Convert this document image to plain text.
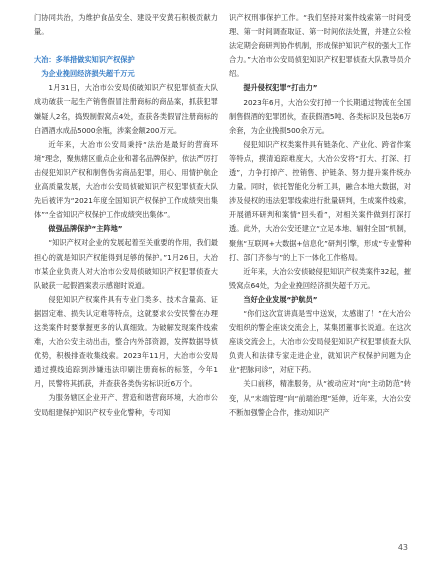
门协同共治，为维护食品安全、建设平安黄石积极贡献力量。

大冶：多举措做实知识产权保护

为企业挽回经济损失超千万元

1月31日，大冶市公安局侦破知识产权犯罪侦查大队成功破获一起生产销售假冒注册商标的商品案，抓获犯罪嫌疑人2名，捣毁制假窝点4处，查获各类假冒注册商标的白酒酒水成品5000余瓶，涉案金额200万元。

近年来，大冶市公安局秉持“法治是最好的营商环境”理念，聚焦辖区重点企业和著名品牌保护，依法严厉打击侵犯知识产权和制售伪劣商品犯罪，用心、用情护航企业高质量发展，大冶市公安局侦破知识产权犯罪侦查大队先后被评为“2021年度全国知识产权保护工作成绩突出集体”“全省知识产权保护工作成绩突出集体”。

做强品牌保护“主阵地”

“知识产权对企业的发展起着至关重要的作用，我们最担心的就是知识产权能得到足够的保护。”1月26日，大冶市某企业负责人对大冶市公安局侦破知识产权犯罪侦查大队破获一起假酒案表示感谢时说道。

侵犯知识产权案件具有专业门类多、技术含量高、证据固定难、损失认定难等特点，这就要求公安民警在办理这类案件时要掌握更多的认真细致。为破解发现案件线索难，大冶公安主动出击，整合内外部资源，发挥数据导侦优势，积极排查收集线索。2023年11月，大冶市公安局通过摸线追踪到涉嫌违法印刷注册商标的标签，今年1月，民警将其抓获，并查获各类伪劣标识近6万个。

为服务辖区企业开产、营造和谐营商环境，大冶市公安局组建保护知识产权专业化警种，专司知

识产权刑事保护工作。“我们坚持对案件线索第一时间受理、第一时间调查取证、第一时间依法处置，并建立公检法定期会商研判协作机制，形成保护知识产权的强大工作合力。”大冶市公安局侦犯知识产权犯罪侦查大队教导员介绍。

提升侵权犯罪“打击力”

2023年6月，大冶公安打掉一个长期通过物流在全国制售假酒的犯罪团伙，查获假酒5吨、各类标识及包装6万余套，为企业挽损500余万元。

侵犯知识产权类案件具有链条化、产业化、跨省作案等特点，摸清追踪难度大，大冶公安将“打大、打深、打透”，力争打掉产、控销售、护链条、努力提升案件统办力量。同时，依托智能化分析工具，融合本地大数据，对涉及侵权的违法犯罪线索进行批量研判，生成案件线索，开展循环研判和案情“回头看”，对相关案件做到打深打透。此外，大冶公安还建立“立足本地、辐射全国”机制，聚焦“互联网+大数据+信息化”研判引擎，形成“专业警种打、部门齐参与”的上下一体化工作格局。

近年来，大冶公安侦破侵犯知识产权类案件32起，摧毁窝点64处，为企业挽回经济损失超千万元。

当好企业发展“护航员”

“你们这次宣讲真是雪中送炭，太感谢了！”在大冶公安组织的警企座谈交流会上，某集团董事长说道。在这次座谈交流会上，大冶市公安局侵犯知识产权犯罪侦查大队负责人和法律专家走进企业，就知识产权保护问题为企业“把脉问诊”，对症下药。

关口前移，精准服务，从“被动应对”向“主动防范”转变，从“末端管理”向“前端治理”延伸，近年来，大冶公安不断加强警企合作，推动知识产

43
